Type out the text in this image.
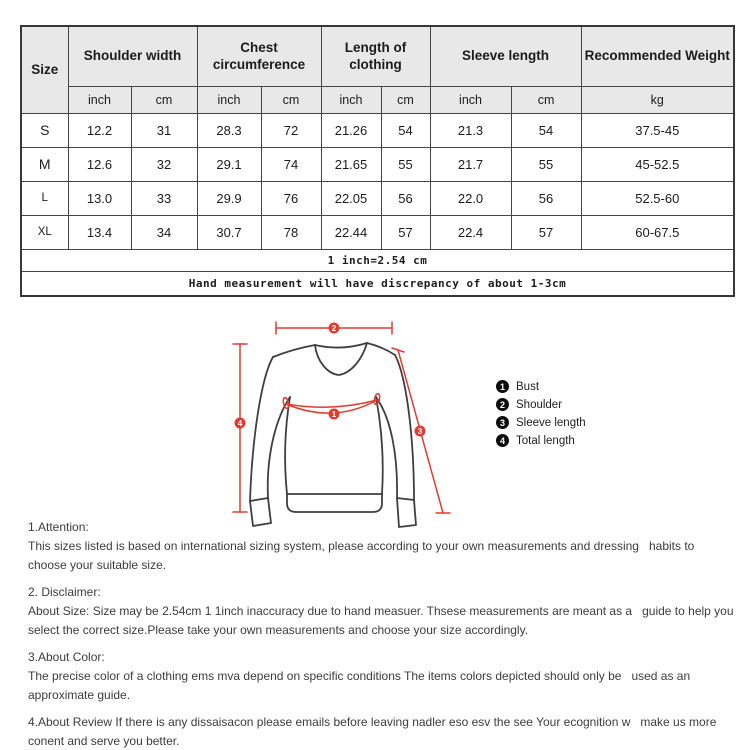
Size	Shoulder width		Chest circumference		Length of clothing		Sleeve length		Recommended Weight
	inch	cm	inch	cm	inch	cm	inch	cm	kg
S	12.2	31	28.3	72	21.26	54	21.3	54	37.5-45
M	12.6	32	29.1	74	21.65	55	21.7	55	45-52.5
L	13.0	33	29.9	76	22.05	56	22.0	56	52.5-60
XL	13.4	34	30.7	78	22.44	57	22.4	57	60-67.5
1 inch=2.54 cm									
Hand measurement will have discrepancy of about 1-3cm									
2
4
1
3
1 Bust
2 Shoulder
3 Sleeve length
4 Total length
1.Attention:
This sizes listed is based on international sizing system, please according to your own measurements and dressing   habits to choose your suitable size.
2. Disclaimer:
About Size: Size may be 2.54cm 1 1inch inaccuracy due to hand measuer. Thsese measurements are meant as a   guide to help you select the correct size.Please take your own measurements and choose your size accordingly.
3.About Color:
The precise color of a clothing ems mva depend on specific conditions The items colors depicted should only be   used as an approximate guide.
4.About Review If there is any dissaisacon please emails before leaving nadler eso esv the see Your ecognition w   make us more conent and serve you better.
